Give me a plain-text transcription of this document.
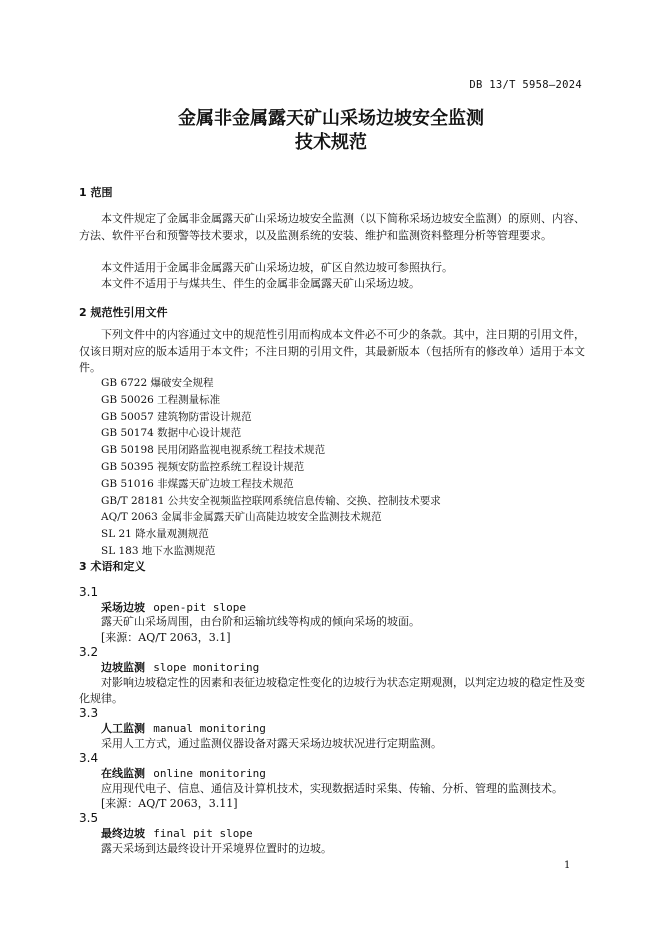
DB 13/T 5958—2024
金属非金属露天矿山采场边坡安全监测
技术规范
1 范围
本文件规定了金属非金属露天矿山采场边坡安全监测（以下简称采场边坡安全监测）的原则、内容、方法、软件平台和预警等技术要求，以及监测系统的安装、维护和监测资料整理分析等管理要求。
本文件适用于金属非金属露天矿山采场边坡，矿区自然边坡可参照执行。
本文件不适用于与煤共生、伴生的金属非金属露天矿山采场边坡。
2 规范性引用文件
下列文件中的内容通过文中的规范性引用而构成本文件必不可少的条款。其中，注日期的引用文件，仅该日期对应的版本适用于本文件；不注日期的引用文件，其最新版本（包括所有的修改单）适用于本文件。
GB 6722 爆破安全规程
GB 50026 工程测量标准
GB 50057 建筑物防雷设计规范
GB 50174 数据中心设计规范
GB 50198 民用闭路监视电视系统工程技术规范
GB 50395 视频安防监控系统工程设计规范
GB 51016 非煤露天矿边坡工程技术规范
GB/T 28181 公共安全视频监控联网系统信息传输、交换、控制技术要求
AQ/T 2063 金属非金属露天矿山高陡边坡安全监测技术规范
SL 21 降水量观测规范
SL 183 地下水监测规范
3 术语和定义
3.1
采场边坡 open-pit slope
露天矿山采场周围，由台阶和运输坑线等构成的倾向采场的坡面。
[来源：AQ/T 2063，3.1]
3.2
边坡监测 slope monitoring
对影响边坡稳定性的因素和表征边坡稳定性变化的边坡行为状态定期观测，以判定边坡的稳定性及变化规律。
3.3
人工监测 manual monitoring
采用人工方式，通过监测仪器设备对露天采场边坡状况进行定期监测。
3.4
在线监测 online monitoring
应用现代电子、信息、通信及计算机技术，实现数据适时采集、传输、分析、管理的监测技术。
[来源：AQ/T 2063，3.11]
3.5
最终边坡 final pit slope
露天采场到达最终设计开采境界位置时的边坡。
1
